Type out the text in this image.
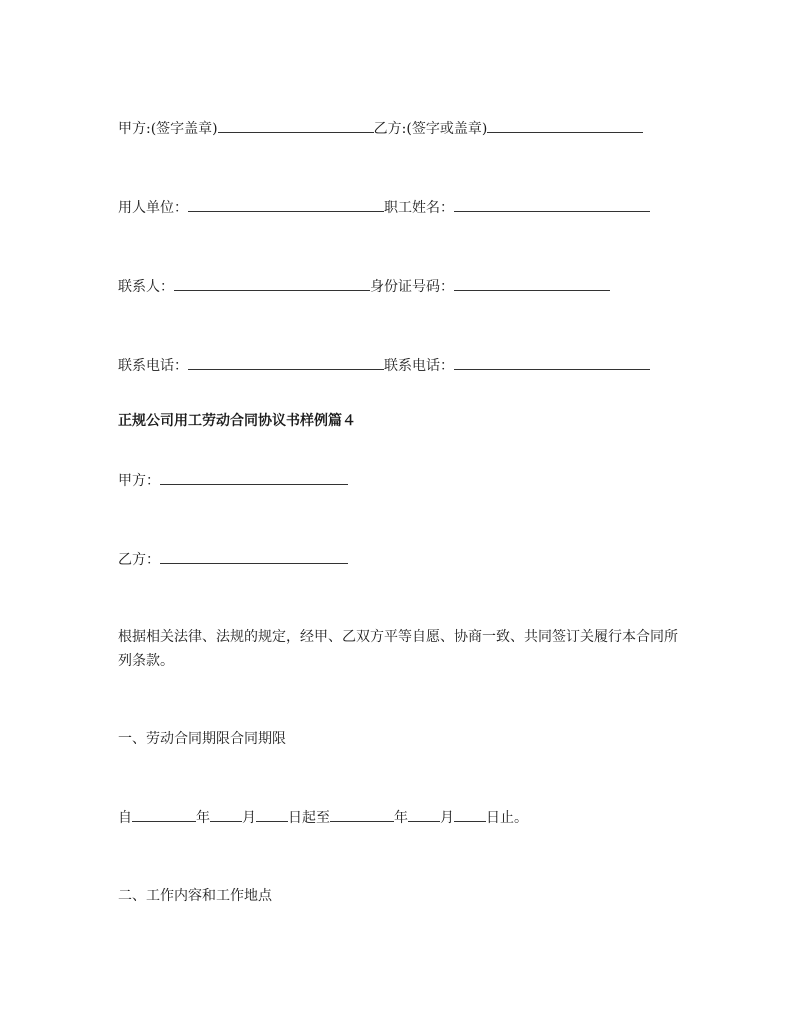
甲方:(签字盖章)	乙方:(签字或盖章)
用人单位：	职工姓名：
联系人：	身份证号码：
联系电话：	联系电话：
正规公司用工劳动合同协议书样例篇４
甲方：
乙方：
根据相关法律、法规的规定，经甲、乙双方平等自愿、协商一致、共同签订关履行本合同所列条款。
一、劳动合同期限合同期限
自	年 月 日起至	年 月 日止。
二、工作内容和工作地点
